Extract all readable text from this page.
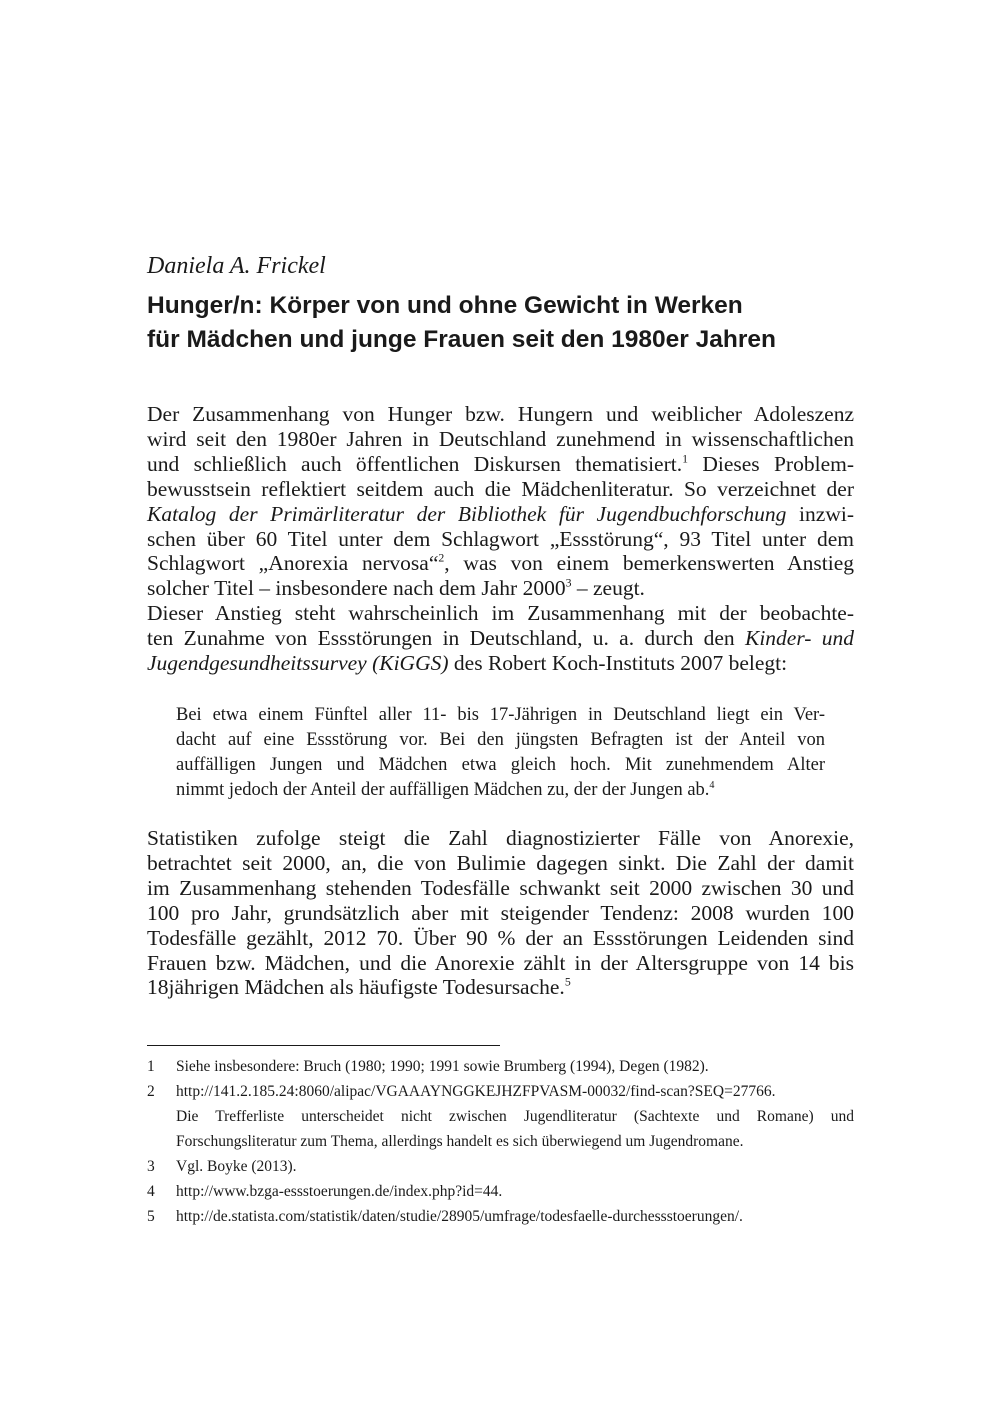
Daniela A. Frickel
Hunger/n: Körper von und ohne Gewicht in Werken
für Mädchen und junge Frauen seit den 1980er Jahren
Der Zusammenhang von Hunger bzw. Hungern und weiblicher Adoleszenz
wird seit den 1980er Jahren in Deutschland zunehmend in wissenschaftlichen
und schließlich auch öffentlichen Diskursen thematisiert.$^1$ Dieses Problem-
bewusstsein reflektiert seitdem auch die Mädchenliteratur. So verzeichnet der
Katalog der Primärliteratur der Bibliothek für Jugendbuchforschung inzwi-
schen über 60 Titel unter dem Schlagwort „Essstörung“, 93 Titel unter dem
Schlagwort „Anorexia nervosa“$^2$, was von einem bemerkenswerten Anstieg
solcher Titel – insbesondere nach dem Jahr 2000$^3$ – zeugt.
Dieser Anstieg steht wahrscheinlich im Zusammenhang mit der beobachte-
ten Zunahme von Essstörungen in Deutschland, u. a. durch den Kinder- und
Jugendgesundheitssurvey (KiGGS) des Robert Koch-Instituts 2007 belegt:
Bei etwa einem Fünftel aller 11- bis 17-Jährigen in Deutschland liegt ein Ver-
dacht auf eine Essstörung vor. Bei den jüngsten Befragten ist der Anteil von
auffälligen Jungen und Mädchen etwa gleich hoch. Mit zunehmendem Alter
nimmt jedoch der Anteil der auffälligen Mädchen zu, der der Jungen ab.$^4$
Statistiken zufolge steigt die Zahl diagnostizierter Fälle von Anorexie,
betrachtet seit 2000, an, die von Bulimie dagegen sinkt. Die Zahl der damit
im Zusammenhang stehenden Todesfälle schwankt seit 2000 zwischen 30 und
100 pro Jahr, grundsätzlich aber mit steigender Tendenz: 2008 wurden 100
Todesfälle gezählt, 2012 70. Über 90 % der an Essstörungen Leidenden sind
Frauen bzw. Mädchen, und die Anorexie zählt in der Altersgruppe von 14 bis
18jährigen Mädchen als häufigste Todesursache.$^5$
1 Siehe insbesondere: Bruch (1980; 1990; 1991 sowie Brumberg (1994), Degen (1982).
2 http://141.2.185.24:8060/alipac/VGAAAYNGGKEJHZFPVASM-00032/find-scan?SEQ=27766.
Die Trefferliste unterscheidet nicht zwischen Jugendliteratur (Sachtexte und Romane) und
Forschungsliteratur zum Thema, allerdings handelt es sich überwiegend um Jugendromane.
3 Vgl. Boyke (2013).
4 http://www.bzga-essstoerungen.de/index.php?id=44.
5 http://de.statista.com/statistik/daten/studie/28905/umfrage/todesfaelle-durchessstoerungen/.
